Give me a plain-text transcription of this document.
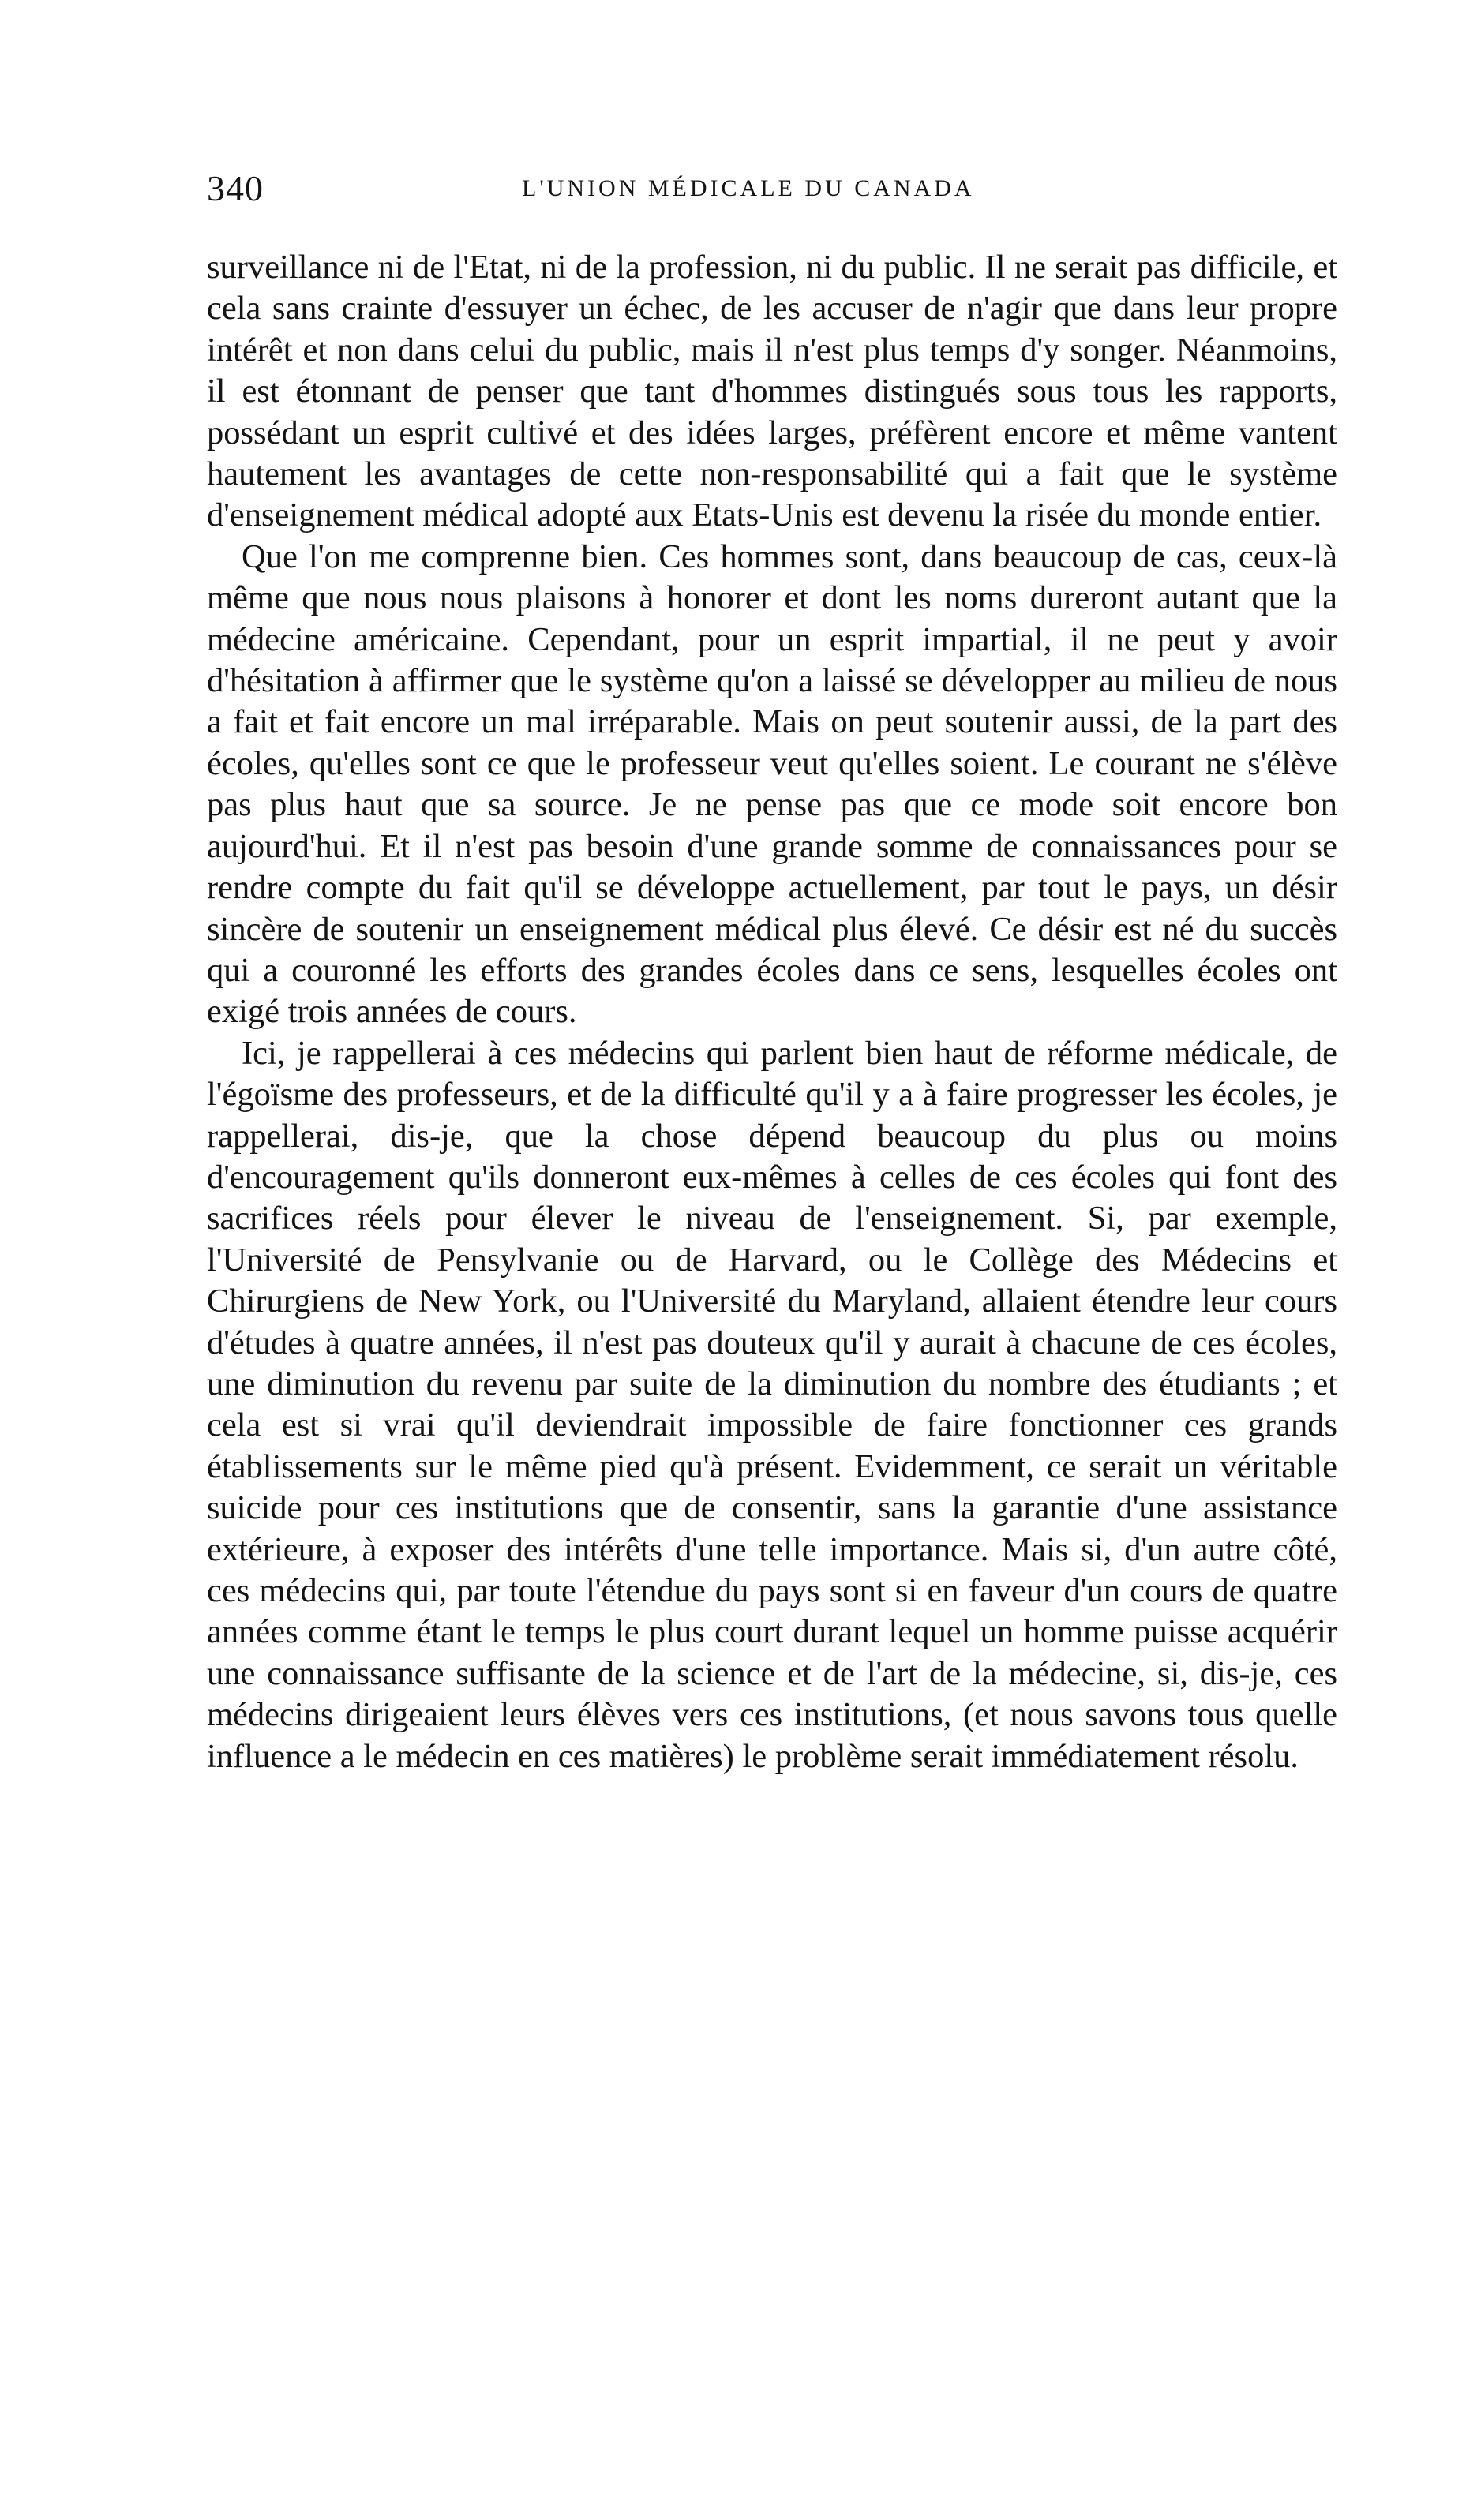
340	L'UNION MÉDICALE DU CANADA

surveillance ni de l'Etat, ni de la profession, ni du public. Il ne serait pas difficile, et cela sans crainte d'essuyer un échec, de les accuser de n'agir que dans leur propre intérêt et non dans celui du public, mais il n'est plus temps d'y songer. Néanmoins, il est étonnant de penser que tant d'hommes distingués sous tous les rapports, possédant un esprit cultivé et des idées larges, préfèrent encore et même vantent hautement les avantages de cette non-responsabilité qui a fait que le système d'enseignement médical adopté aux Etats-Unis est devenu la risée du monde entier.

Que l'on me comprenne bien. Ces hommes sont, dans beaucoup de cas, ceux-là même que nous nous plaisons à honorer et dont les noms dureront autant que la médecine américaine. Cependant, pour un esprit impartial, il ne peut y avoir d'hésitation à affirmer que le système qu'on a laissé se développer au milieu de nous a fait et fait encore un mal irréparable. Mais on peut soutenir aussi, de la part des écoles, qu'elles sont ce que le professeur veut qu'elles soient. Le courant ne s'élève pas plus haut que sa source. Je ne pense pas que ce mode soit encore bon aujourd'hui. Et il n'est pas besoin d'une grande somme de connaissances pour se rendre compte du fait qu'il se développe actuellement, par tout le pays, un désir sincère de soutenir un enseignement médical plus élevé. Ce désir est né du succès qui a couronné les efforts des grandes écoles dans ce sens, lesquelles écoles ont exigé trois années de cours.

Ici, je rappellerai à ces médecins qui parlent bien haut de réforme médicale, de l'égoïsme des professeurs, et de la difficulté qu'il y a à faire progresser les écoles, je rappellerai, dis-je, que la chose dépend beaucoup du plus ou moins d'encouragement qu'ils donneront eux-mêmes à celles de ces écoles qui font des sacrifices réels pour élever le niveau de l'enseignement. Si, par exemple, l'Université de Pensylvanie ou de Harvard, ou le Collège des Médecins et Chirurgiens de New York, ou l'Université du Maryland, allaient étendre leur cours d'études à quatre années, il n'est pas douteux qu'il y aurait à chacune de ces écoles, une diminution du revenu par suite de la diminution du nombre des étudiants ; et cela est si vrai qu'il deviendrait impossible de faire fonctionner ces grands établissements sur le même pied qu'à présent. Evidemment, ce serait un véritable suicide pour ces institutions que de consentir, sans la garantie d'une assistance extérieure, à exposer des intérêts d'une telle importance. Mais si, d'un autre côté, ces médecins qui, par toute l'étendue du pays sont si en faveur d'un cours de quatre années comme étant le temps le plus court durant lequel un homme puisse acquérir une connaissance suffisante de la science et de l'art de la médecine, si, dis-je, ces médecins dirigeaient leurs élèves vers ces institutions, (et nous savons tous quelle influence a le médecin en ces matières) le problème serait immédiatement résolu.
